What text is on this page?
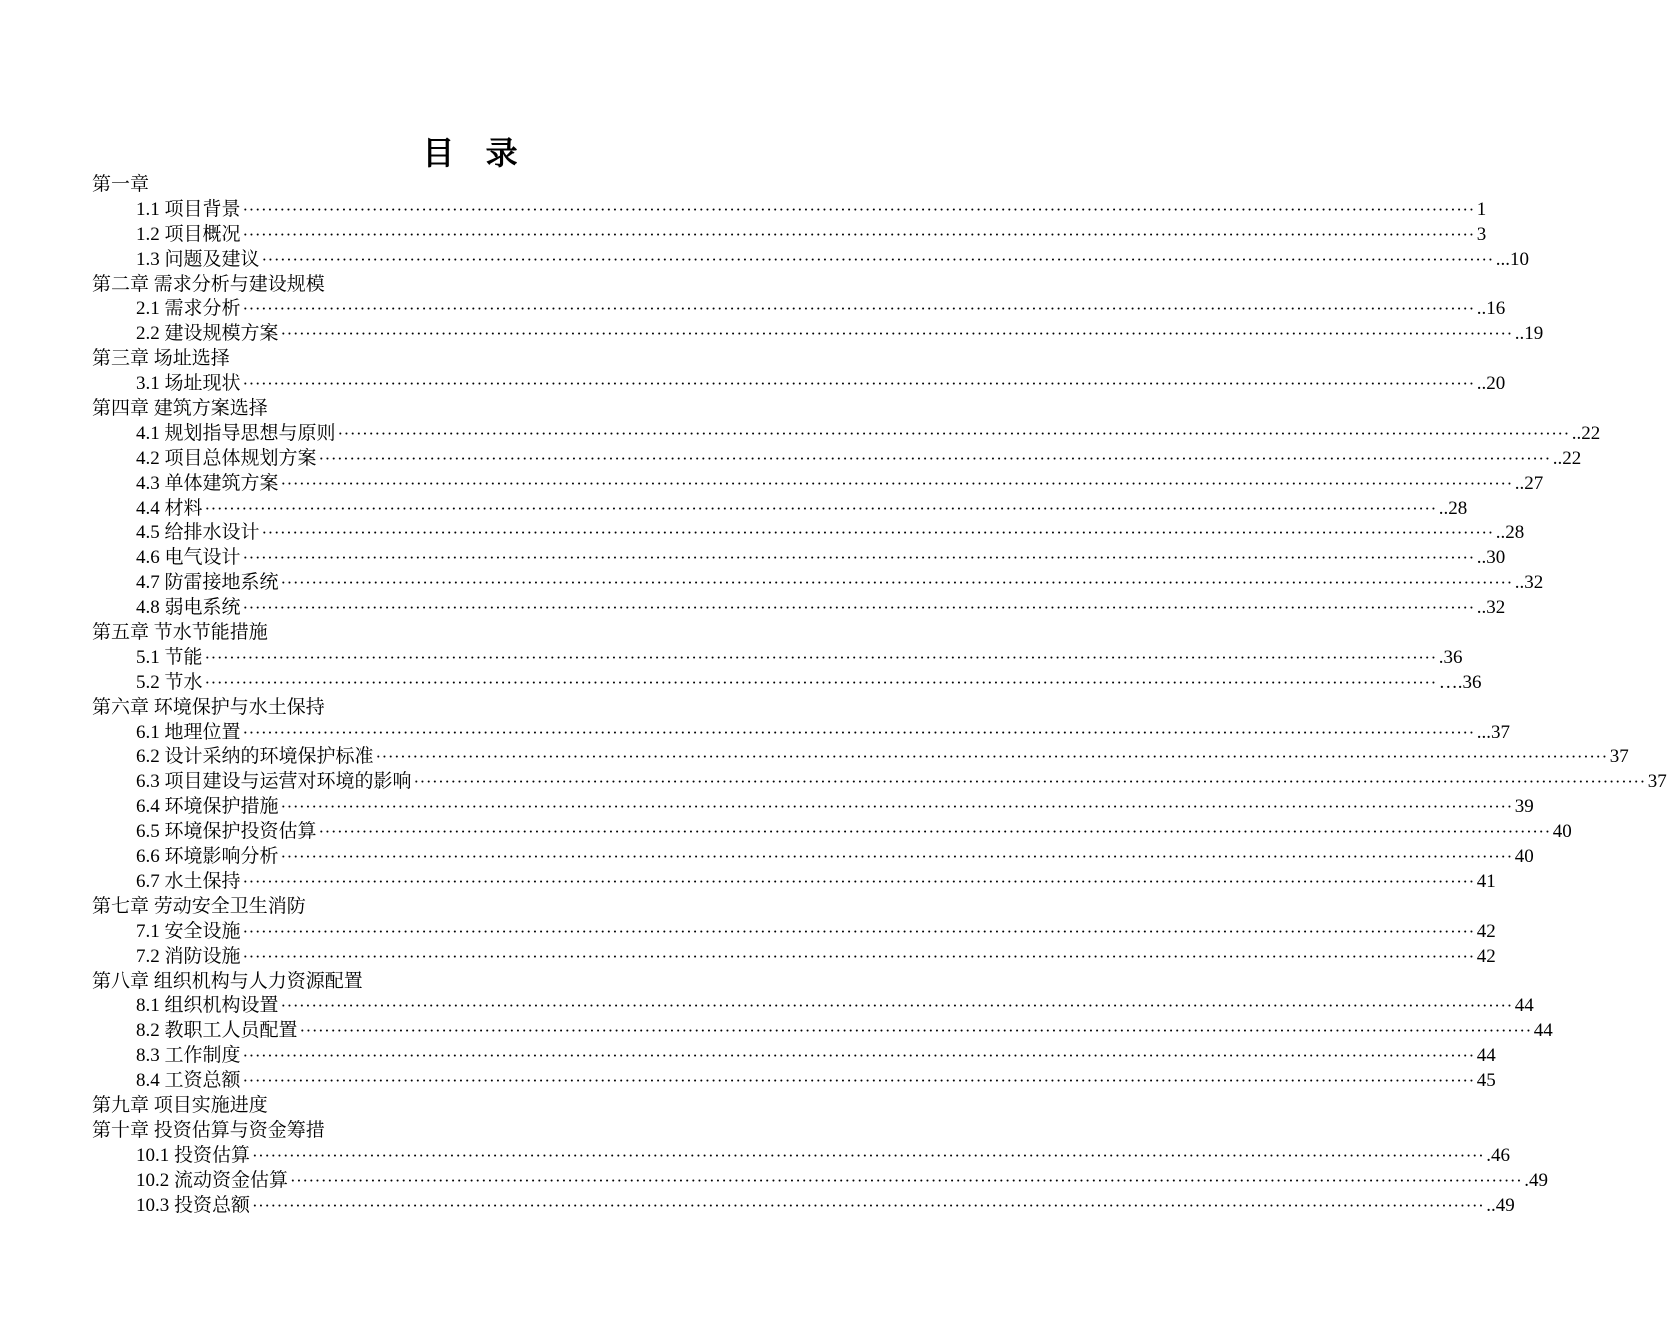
目 录
第一章
1.1 项目背景 ········································································································································································································ 1
1.2 项目概况 ········································································································································································································ 3
1.3 问题及建议 ········································································································································································································ ...10
第二章 需求分析与建设规模
2.1 需求分析 ········································································································································································································ ..16
2.2 建设规模方案 ········································································································································································································ ..19
第三章 场址选择
3.1 场址现状 ········································································································································································································ ..20
第四章 建筑方案选择
4.1 规划指导思想与原则 ········································································································································································································ ..22
4.2 项目总体规划方案 ········································································································································································································ ..22
4.3 单体建筑方案 ········································································································································································································ ..27
4.4 材料 ········································································································································································································ ..28
4.5 给排水设计 ········································································································································································································ ..28
4.6 电气设计 ········································································································································································································ ..30
4.7 防雷接地系统 ········································································································································································································ ..32
4.8 弱电系统 ········································································································································································································ ..32
第五章 节水节能措施
5.1 节能 ········································································································································································································ .36
5.2 节水 ········································································································································································································ ….36
第六章 环境保护与水土保持
6.1 地理位置 ········································································································································································································ ...37
6.2 设计采纳的环境保护标准 ········································································································································································································ 37
6.3 项目建设与运营对环境的影响 ········································································································································································································ 37
6.4 环境保护措施 ········································································································································································································ 39
6.5 环境保护投资估算 ········································································································································································································ 40
6.6 环境影响分析 ········································································································································································································ 40
6.7 水土保持 ········································································································································································································ 41
第七章 劳动安全卫生消防
7.1 安全设施 ········································································································································································································ 42
7.2 消防设施 ········································································································································································································ 42
第八章 组织机构与人力资源配置
8.1 组织机构设置 ········································································································································································································ 44
8.2 教职工人员配置 ········································································································································································································ 44
8.3 工作制度 ········································································································································································································ 44
8.4 工资总额 ········································································································································································································ 45
第九章 项目实施进度
第十章 投资估算与资金筹措
10.1 投资估算 ········································································································································································································ .46
10.2 流动资金估算 ········································································································································································································ .49
10.3 投资总额 ········································································································································································································ ..49
